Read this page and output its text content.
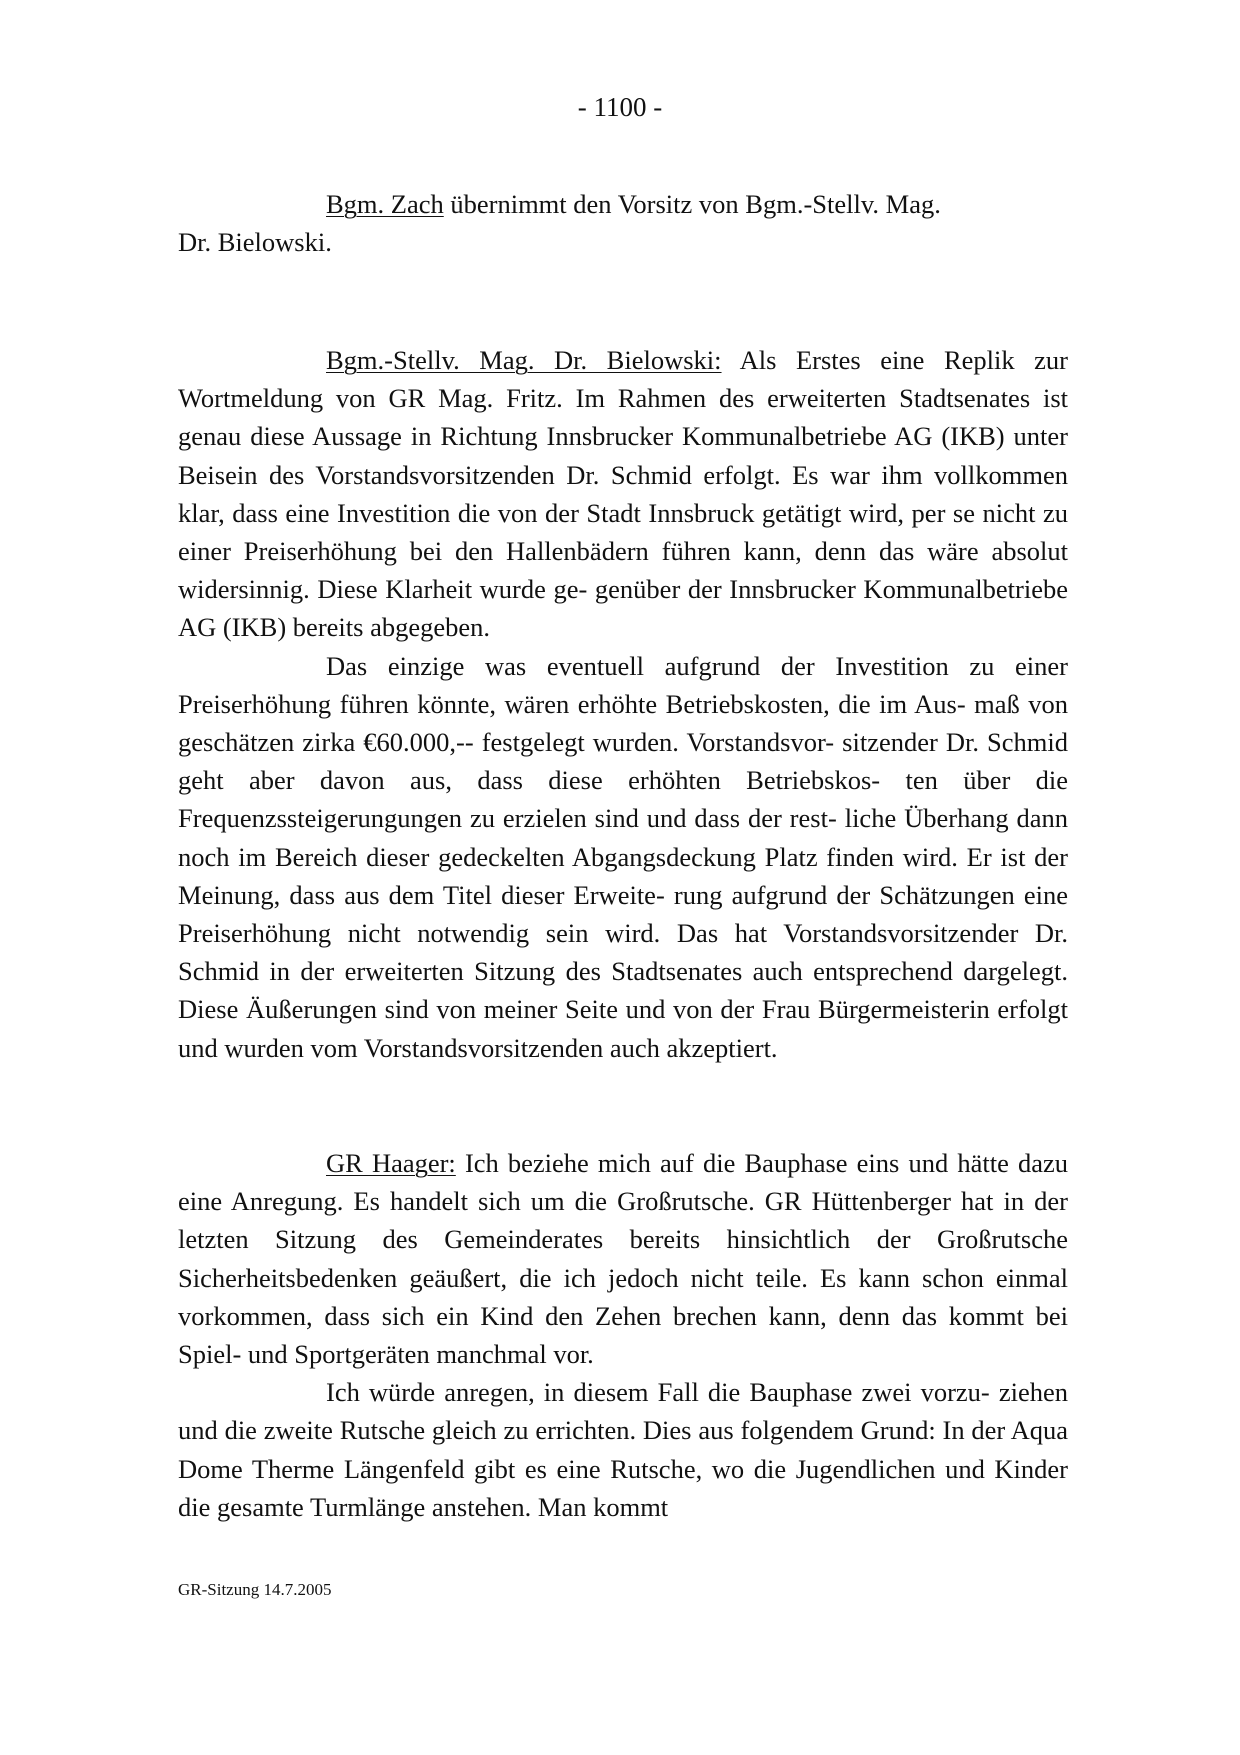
- 1100 -

Bgm. Zach übernimmt den Vorsitz von Bgm.-Stellv. Mag.
Dr. Bielowski.

Bgm.-Stellv. Mag. Dr. Bielowski: Als Erstes eine Replik zur Wortmeldung von GR Mag. Fritz. Im Rahmen des erweiterten Stadtsenates ist genau diese Aussage in Richtung Innsbrucker Kommunalbetriebe AG (IKB) unter Beisein des Vorstandsvorsitzenden Dr. Schmid erfolgt. Es war ihm vollkommen klar, dass eine Investition die von der Stadt Innsbruck getätigt wird, per se nicht zu einer Preiserhöhung bei den Hallenbädern führen kann, denn das wäre absolut widersinnig. Diese Klarheit wurde ge- genüber der Innsbrucker Kommunalbetriebe AG (IKB) bereits abgegeben.

Das einzige was eventuell aufgrund der Investition zu einer Preiserhöhung führen könnte, wären erhöhte Betriebskosten, die im Aus- maß von geschätzen zirka €60.000,-- festgelegt wurden. Vorstandsvor- sitzender Dr. Schmid geht aber davon aus, dass diese erhöhten Betriebskos- ten über die Frequenzssteigerungungen zu erzielen sind und dass der rest- liche Überhang dann noch im Bereich dieser gedeckelten Abgangsdeckung Platz finden wird. Er ist der Meinung, dass aus dem Titel dieser Erweite- rung aufgrund der Schätzungen eine Preiserhöhung nicht notwendig sein wird. Das hat Vorstandsvorsitzender Dr. Schmid in der erweiterten Sitzung des Stadtsenates auch entsprechend dargelegt. Diese Äußerungen sind von meiner Seite und von der Frau Bürgermeisterin erfolgt und wurden vom Vorstandsvorsitzenden auch akzeptiert.

GR Haager: Ich beziehe mich auf die Bauphase eins und hätte dazu eine Anregung. Es handelt sich um die Großrutsche. GR Hüttenberger hat in der letzten Sitzung des Gemeinderates bereits hinsichtlich der Großrutsche Sicherheitsbedenken geäußert, die ich jedoch nicht teile. Es kann schon einmal vorkommen, dass sich ein Kind den Zehen brechen kann, denn das kommt bei Spiel- und Sportgeräten manchmal vor.

Ich würde anregen, in diesem Fall die Bauphase zwei vorzu- ziehen und die zweite Rutsche gleich zu errichten. Dies aus folgendem Grund: In der Aqua Dome Therme Längenfeld gibt es eine Rutsche, wo die Jugendlichen und Kinder die gesamte Turmlänge anstehen. Man kommt

GR-Sitzung 14.7.2005
